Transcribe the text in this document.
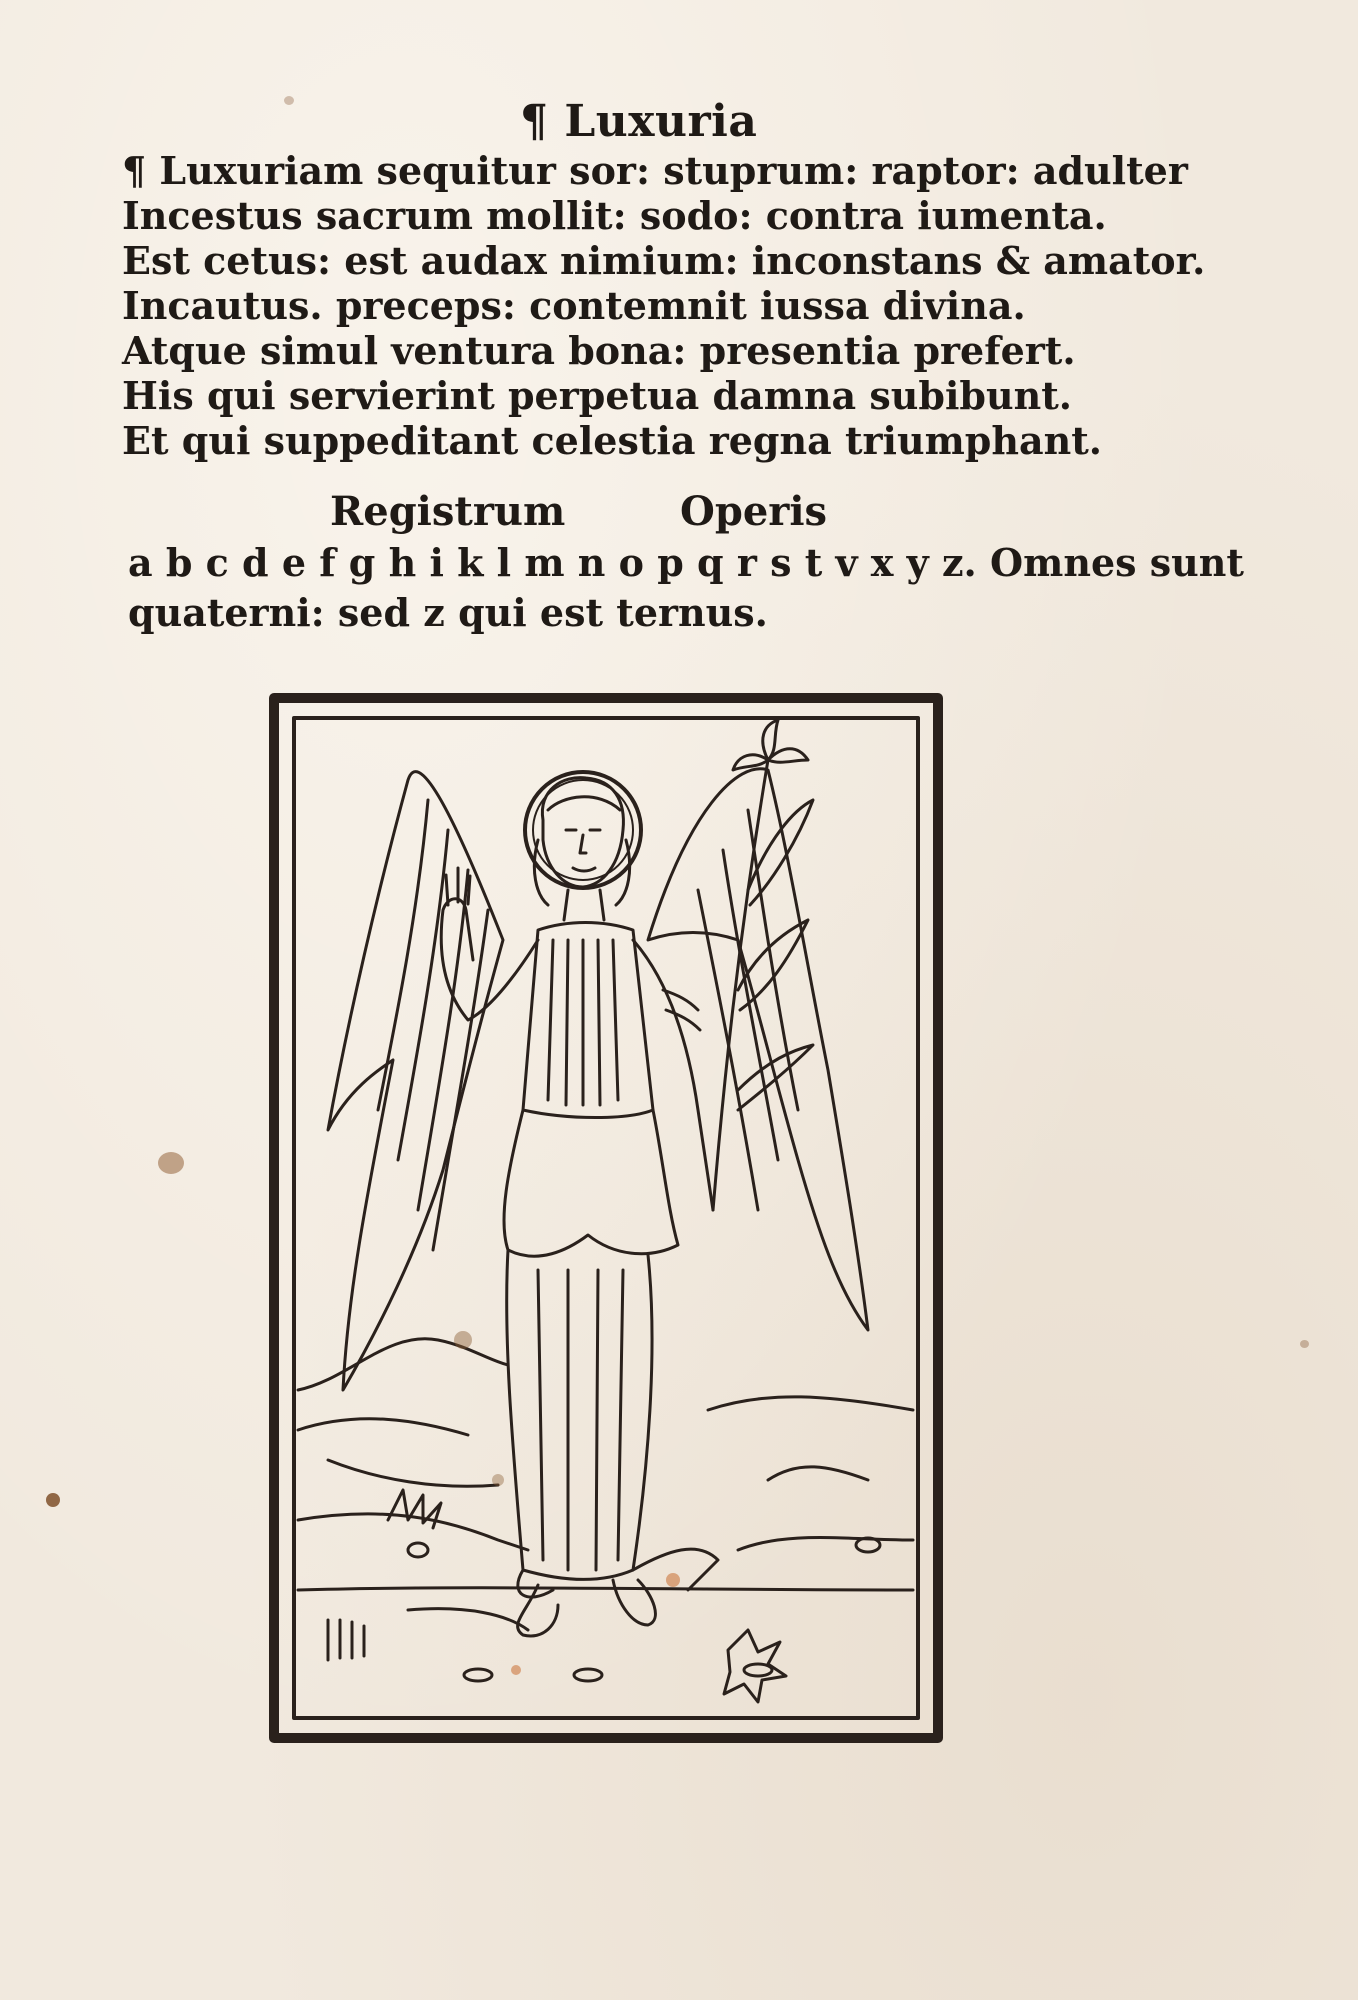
¶ Luxuria
¶ Luxuriam sequitur sor: stuprum: raptor: adulter
Incestus sacrum mollit: sodo: contra iumenta.
Est cetus: est audax nimium: inconstans & amator.
Incautus. preceps: contemnit iussa divina.
Atque simul ventura bona: presentia prefert.
His qui servierint perpetua damna subibunt.
Et qui suppeditant celestia regna triumphant.
Registrum	Operis
a b c d e f g h i k l m n o p q r s t v x y z. Omnes sunt
quaterni: sed z qui est ternus.
